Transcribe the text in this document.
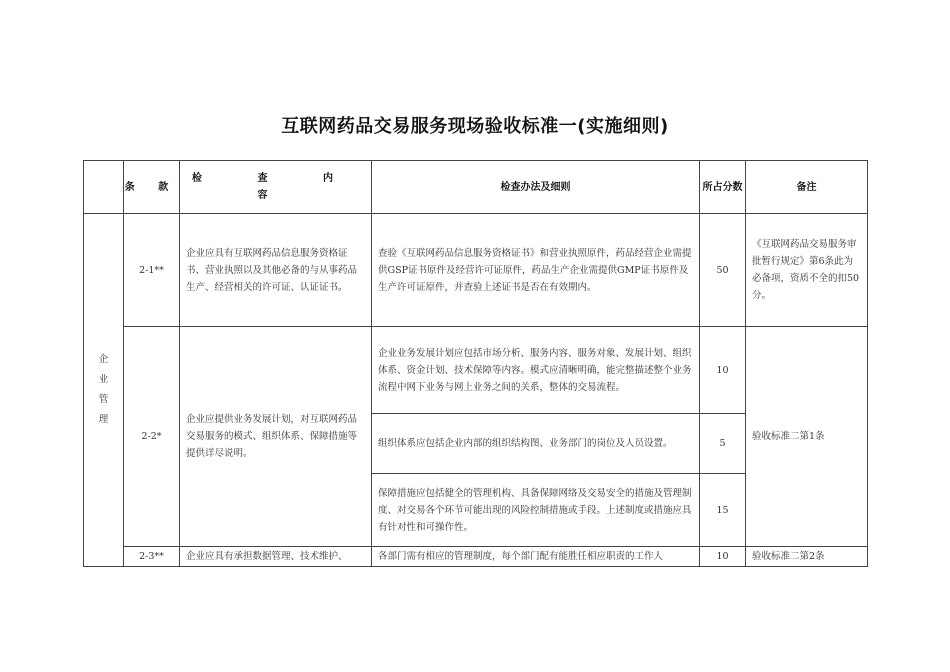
互联网药品交易服务现场验收标准一(实施细则)
	条 款	检 查 内 容	检查办法及细则	所占分数	备注

企业管理	2-1**	企业应具有互联网药品信息服务资格证书、营业执照以及其他必备的与从事药品生产、经营相关的许可证、认证证书。	查验《互联网药品信息服务资格证书》和营业执照原件，药品经营企业需提供GSP证书原件及经营许可证原件，药品生产企业需提供GMP证书原件及生产许可证原件，并查验上述证书是否在有效期内。	50	《互联网药品交易服务审批暂行规定》第6条此为必备项，资质不全的扣50分。
	2-2*	企业应提供业务发展计划，对互联网药品交易服务的模式、组织体系、保障措施等提供详尽说明。	企业业务发展计划应包括市场分析、服务内容、服务对象、发展计划、组织体系、资金计划、技术保障等内容。模式应清晰明确，能完整描述整个业务流程中网下业务与网上业务之间的关系，整体的交易流程。	10	验收标准二第1条
			组织体系应包括企业内部的组织结构图、业务部门的岗位及人员设置。	5	
			保障措施应包括健全的管理机构、具备保障网络及交易安全的措施及管理制度、对交易各个环节可能出现的风险控制措施或手段。上述制度或措施应具有针对性和可操作性。	15	
	2-3**	企业应具有承担数据管理、技术维护、	各部门需有相应的管理制度，每个部门配有能胜任相应职责的工作人	10	验收标准二第2条
